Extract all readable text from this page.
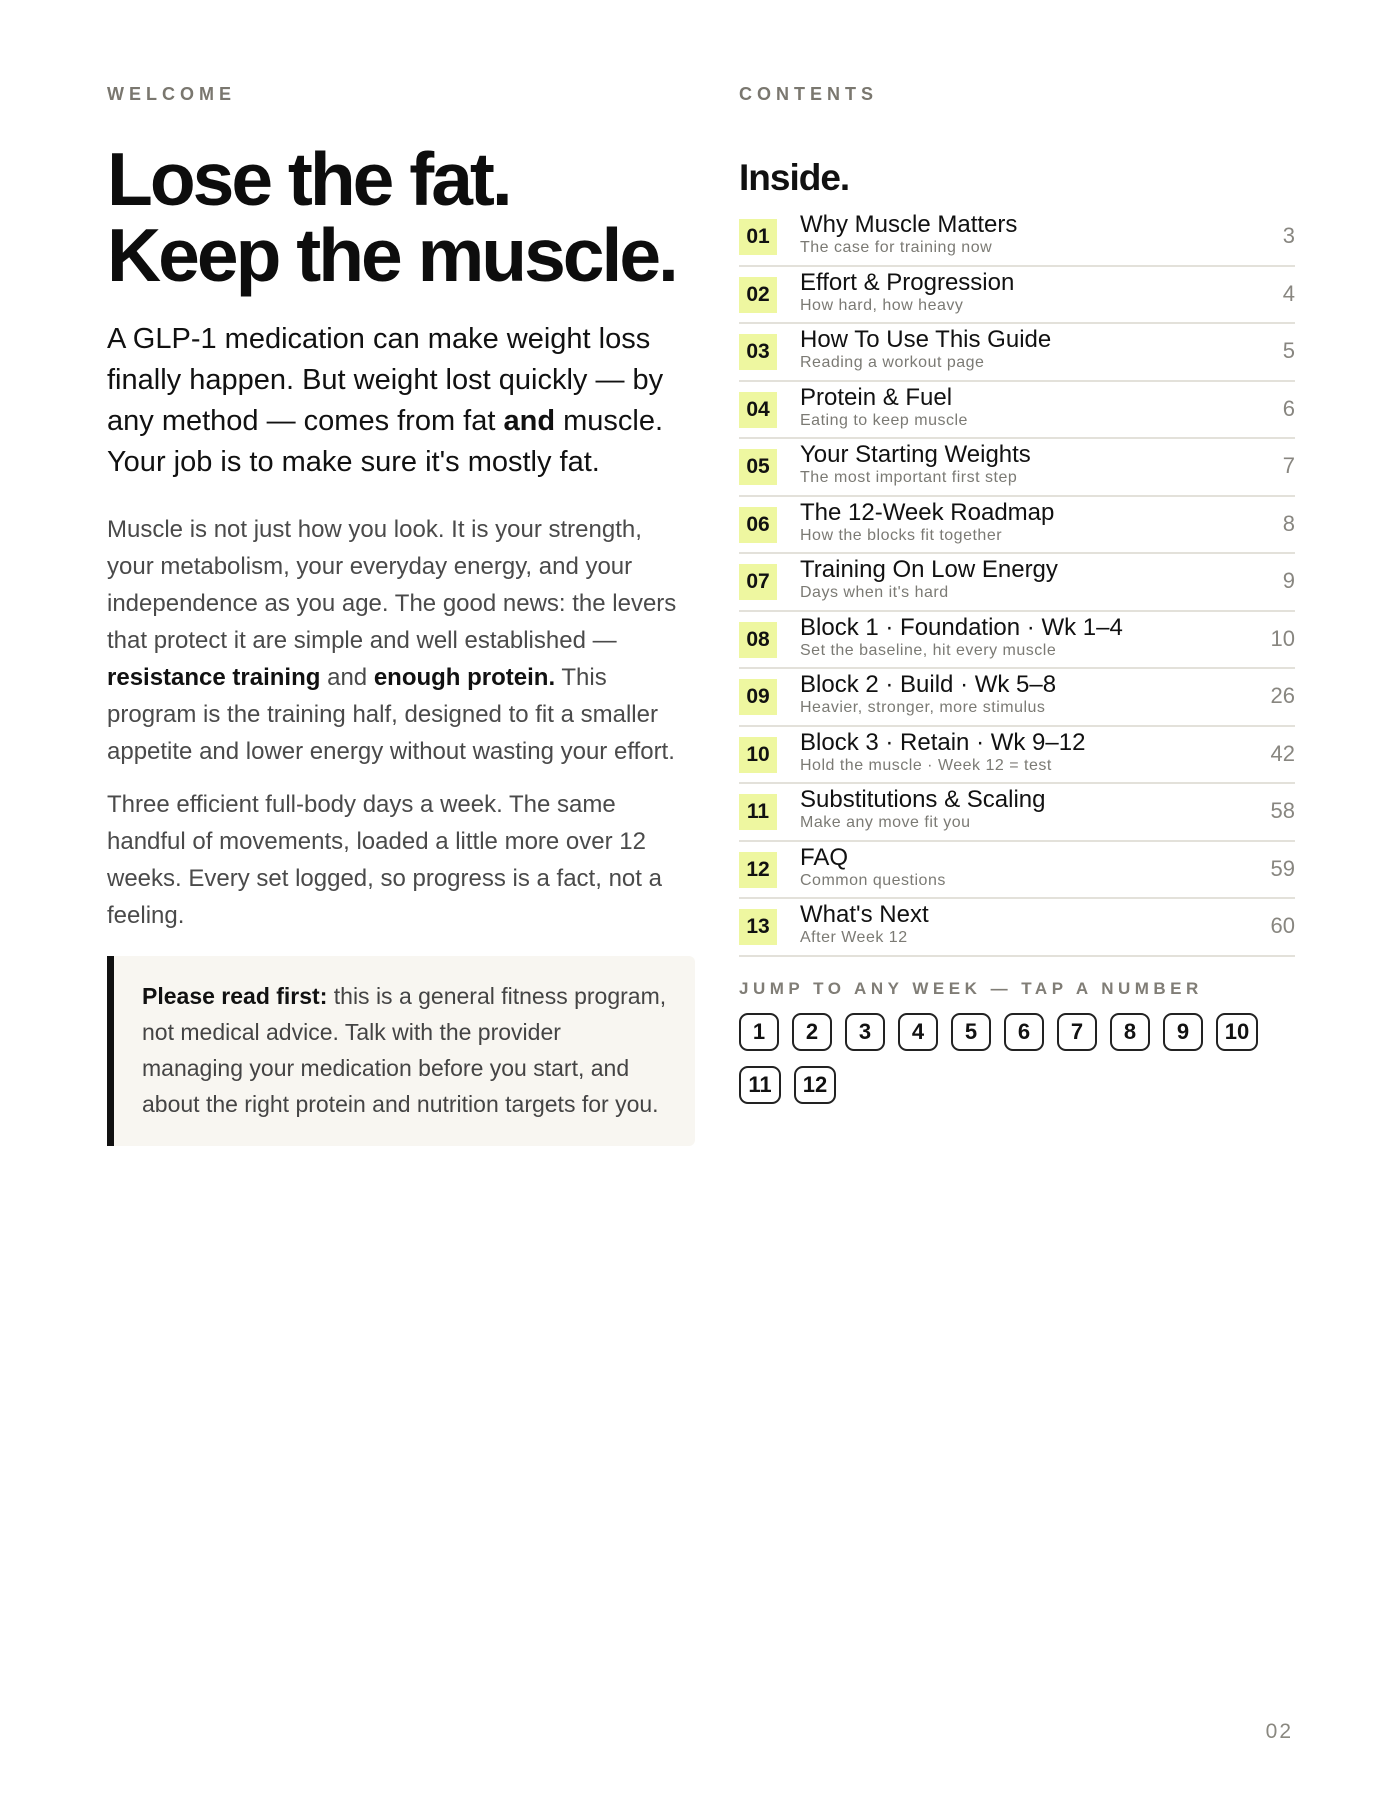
WELCOME

Lose the fat.
Keep the muscle.

A GLP-1 medication can make weight loss finally happen. But weight lost quickly — by any method — comes from fat and muscle. Your job is to make sure it's mostly fat.

Muscle is not just how you look. It is your strength, your metabolism, your everyday energy, and your independence as you age. The good news: the levers that protect it are simple and well established — resistance training and enough protein. This program is the training half, designed to fit a smaller appetite and lower energy without wasting your effort.

Three efficient full-body days a week. The same handful of movements, loaded a little more over 12 weeks. Every set logged, so progress is a fact, not a feeling.

Please read first: this is a general fitness program, not medical advice. Talk with the provider managing your medication before you start, and about the right protein and nutrition targets for you.

CONTENTS

Inside.
01	Why Muscle Matters
The case for training now	3
02	Effort & Progression
How hard, how heavy	4
03	How To Use This Guide
Reading a workout page	5
04	Protein & Fuel
Eating to keep muscle	6
05	Your Starting Weights
The most important first step	7
06	The 12-Week Roadmap
How the blocks fit together	8
07	Training On Low Energy
Days when it's hard	9
08	Block 1 · Foundation · Wk 1–4
Set the baseline, hit every muscle	10
09	Block 2 · Build · Wk 5–8
Heavier, stronger, more stimulus	26
10	Block 3 · Retain · Wk 9–12
Hold the muscle · Week 12 = test	42
11	Substitutions & Scaling
Make any move fit you	58
12	FAQ
Common questions	59
13	What's Next
After Week 12	60
JUMP TO ANY WEEK — TAP A NUMBER
1	2	3	4	5	6	7	8	9	10
11	12
02
